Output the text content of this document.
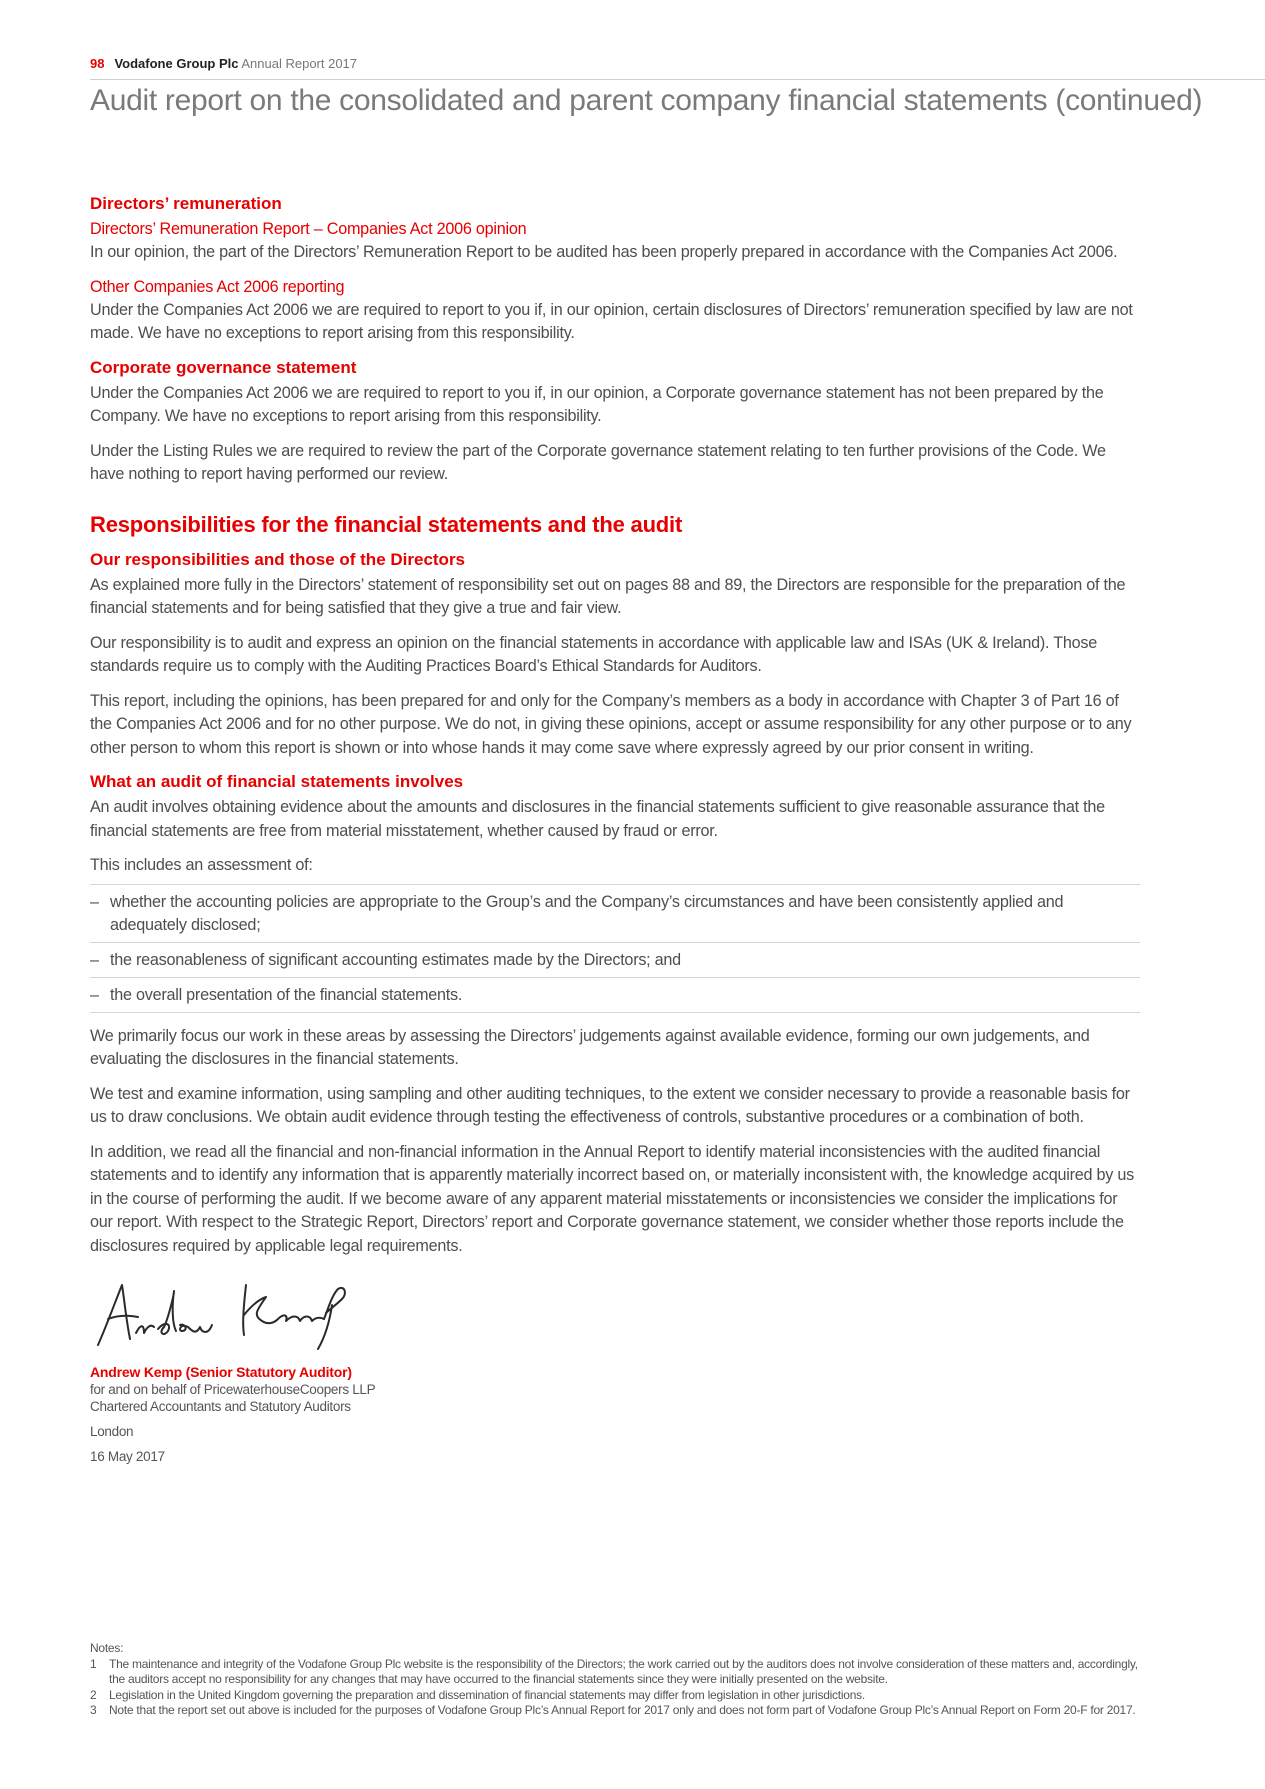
98 Vodafone Group Plc Annual Report 2017
Audit report on the consolidated and parent company financial statements (continued)
Directors’ remuneration
Directors’ Remuneration Report – Companies Act 2006 opinion

In our opinion, the part of the Directors’ Remuneration Report to be audited has been properly prepared in accordance with the Companies Act 2006.

Other Companies Act 2006 reporting

Under the Companies Act 2006 we are required to report to you if, in our opinion, certain disclosures of Directors’ remuneration specified by law are not made. We have no exceptions to report arising from this responsibility.

Corporate governance statement

Under the Companies Act 2006 we are required to report to you if, in our opinion, a Corporate governance statement has not been prepared by the Company. We have no exceptions to report arising from this responsibility.

Under the Listing Rules we are required to review the part of the Corporate governance statement relating to ten further provisions of the Code. We have nothing to report having performed our review.

Responsibilities for the financial statements and the audit
Our responsibilities and those of the Directors

As explained more fully in the Directors’ statement of responsibility set out on pages 88 and 89, the Directors are responsible for the preparation of the financial statements and for being satisfied that they give a true and fair view.

Our responsibility is to audit and express an opinion on the financial statements in accordance with applicable law and ISAs (UK & Ireland). Those standards require us to comply with the Auditing Practices Board’s Ethical Standards for Auditors.

This report, including the opinions, has been prepared for and only for the Company’s members as a body in accordance with Chapter 3 of Part 16 of the Companies Act 2006 and for no other purpose. We do not, in giving these opinions, accept or assume responsibility for any other purpose or to any other person to whom this report is shown or into whose hands it may come save where expressly agreed by our prior consent in writing.

What an audit of financial statements involves

An audit involves obtaining evidence about the amounts and disclosures in the financial statements sufficient to give reasonable assurance that the financial statements are free from material misstatement, whether caused by fraud or error.

This includes an assessment of:

– whether the accounting policies are appropriate to the Group’s and the Company’s circumstances and have been consistently applied and adequately disclosed;
– the reasonableness of significant accounting estimates made by the Directors; and
– the overall presentation of the financial statements.

We primarily focus our work in these areas by assessing the Directors’ judgements against available evidence, forming our own judgements, and evaluating the disclosures in the financial statements.

We test and examine information, using sampling and other auditing techniques, to the extent we consider necessary to provide a reasonable basis for us to draw conclusions. We obtain audit evidence through testing the effectiveness of controls, substantive procedures or a combination of both.

In addition, we read all the financial and non-financial information in the Annual Report to identify material inconsistencies with the audited financial statements and to identify any information that is apparently materially incorrect based on, or materially inconsistent with, the knowledge acquired by us in the course of performing the audit. If we become aware of any apparent material misstatements or inconsistencies we consider the implications for our report. With respect to the Strategic Report, Directors’ report and Corporate governance statement, we consider whether those reports include the disclosures required by applicable legal requirements.

Andrew Kemp (Senior Statutory Auditor)
for and on behalf of PricewaterhouseCoopers LLP
Chartered Accountants and Statutory Auditors
London
16 May 2017
Notes:
1 The maintenance and integrity of the Vodafone Group Plc website is the responsibility of the Directors; the work carried out by the auditors does not involve consideration of these matters and, accordingly, the auditors accept no responsibility for any changes that may have occurred to the financial statements since they were initially presented on the website.
2 Legislation in the United Kingdom governing the preparation and dissemination of financial statements may differ from legislation in other jurisdictions.
3 Note that the report set out above is included for the purposes of Vodafone Group Plc’s Annual Report for 2017 only and does not form part of Vodafone Group Plc’s Annual Report on Form 20-F for 2017.
